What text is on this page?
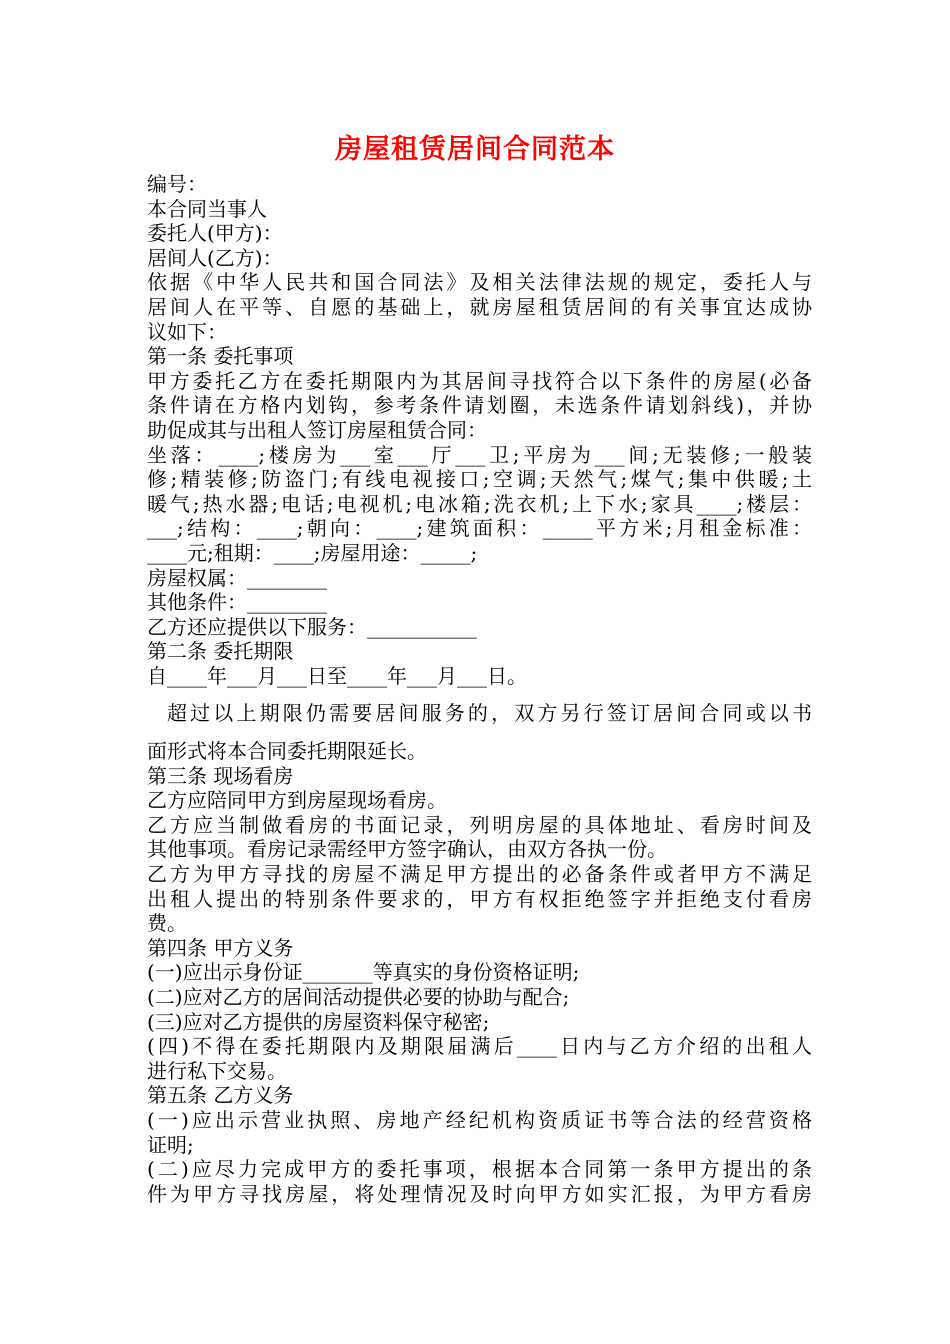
房屋租赁居间合同范本
编号：
本合同当事人
委托人(甲方)：
居间人(乙方)：
依据《中华人民共和国合同法》及相关法律法规的规定，委托人与
居间人在平等、自愿的基础上，就房屋租赁居间的有关事宜达成协
议如下：
第一条 委托事项
甲方委托乙方在委托期限内为其居间寻找符合以下条件的房屋(必备
条件请在方格内划钩，参考条件请划圈，未选条件请划斜线)，并协
助促成其与出租人签订房屋租赁合同：
坐落：____;楼房为___室___厅___卫;平房为___间;无装修;一般装
修;精装修;防盗门;有线电视接口;空调;天然气;煤气;集中供暖;土
暖气;热水器;电话;电视机;电冰箱;洗衣机;上下水;家具____;楼层：
___;结构：____;朝向：____;建筑面积：_____平方米;月租金标准：
____元;租期：____;房屋用途：_____;
房屋权属：________
其他条件：________
乙方还应提供以下服务：___________
第二条 委托期限
自____年___月___日至____年___月___日。
超过以上期限仍需要居间服务的，双方另行签订居间合同或以书
面形式将本合同委托期限延长。
第三条 现场看房
乙方应陪同甲方到房屋现场看房。
乙方应当制做看房的书面记录，列明房屋的具体地址、看房时间及
其他事项。看房记录需经甲方签字确认，由双方各执一份。
乙方为甲方寻找的房屋不满足甲方提出的必备条件或者甲方不满足
出租人提出的特别条件要求的，甲方有权拒绝签字并拒绝支付看房
费。
第四条 甲方义务
(一)应出示身份证_______等真实的身份资格证明;
(二)应对乙方的居间活动提供必要的协助与配合;
(三)应对乙方提供的房屋资料保守秘密;
(四)不得在委托期限内及期限届满后____日内与乙方介绍的出租人
进行私下交易。
第五条 乙方义务
(一)应出示营业执照、房地产经纪机构资质证书等合法的经营资格
证明;
(二)应尽力完成甲方的委托事项，根据本合同第一条甲方提出的条
件为甲方寻找房屋，将处理情况及时向甲方如实汇报，为甲方看房
